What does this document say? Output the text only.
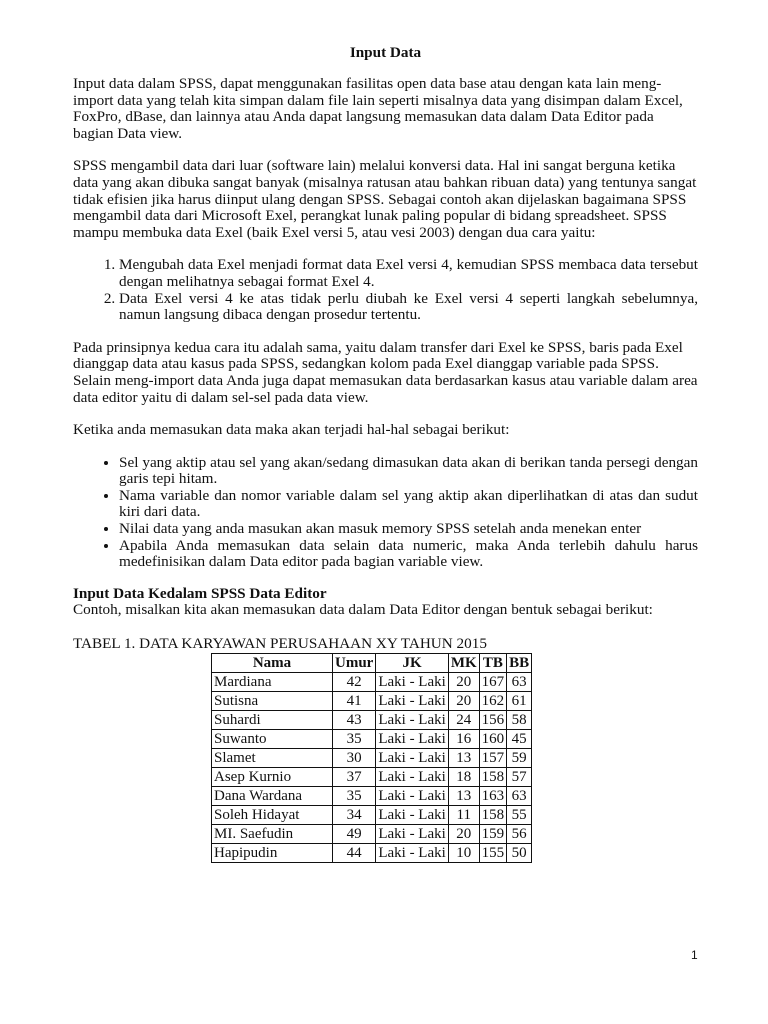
Input Data

Input data dalam SPSS, dapat menggunakan fasilitas open data base atau dengan kata lain meng-import data yang telah kita simpan dalam file lain seperti misalnya data yang disimpan dalam Excel, FoxPro, dBase, dan lainnya atau Anda dapat langsung memasukan data dalam Data Editor pada bagian Data view.

SPSS mengambil data dari luar (software lain) melalui konversi data. Hal ini sangat berguna ketika data yang akan dibuka sangat banyak (misalnya ratusan atau bahkan ribuan data) yang tentunya sangat tidak efisien jika harus diinput ulang dengan SPSS. Sebagai contoh akan dijelaskan bagaimana SPSS mengambil data dari Microsoft Exel, perangkat lunak paling popular di bidang spreadsheet. SPSS mampu membuka data Exel (baik Exel versi 5, atau vesi 2003) dengan dua cara yaitu:

1. Mengubah data Exel menjadi format data Exel versi 4, kemudian SPSS membaca data tersebut dengan melihatnya sebagai format Exel 4.
2. Data Exel versi 4 ke atas tidak perlu diubah ke Exel versi 4 seperti langkah sebelumnya, namun langsung dibaca dengan prosedur tertentu.

Pada prinsipnya kedua cara itu adalah sama, yaitu dalam transfer dari Exel ke SPSS, baris pada Exel dianggap data atau kasus pada SPSS, sedangkan kolom pada Exel dianggap variable pada SPSS. Selain meng-import data Anda juga dapat memasukan data berdasarkan kasus atau variable dalam area data editor yaitu di dalam sel-sel pada data view.

Ketika anda memasukan data maka akan terjadi hal-hal sebagai berikut:

• Sel yang aktip atau sel yang akan/sedang dimasukan data akan di berikan tanda persegi dengan garis tepi hitam.
• Nama variable dan nomor variable dalam sel yang aktip akan diperlihatkan di atas dan sudut kiri dari data.
• Nilai data yang anda masukan akan masuk memory SPSS setelah anda menekan enter
• Apabila Anda memasukan data selain data numeric, maka Anda terlebih dahulu harus medefinisikan dalam Data editor pada bagian variable view.
Input Data Kedalam SPSS Data Editor

Contoh, misalkan kita akan memasukan data dalam Data Editor dengan bentuk sebagai berikut:

TABEL 1. DATA KARYAWAN PERUSAHAAN XY TAHUN 2015

Nama	Umur	JK	MK	TB	BB
Mardiana	42	Laki - Laki	20	167	63
Sutisna	41	Laki - Laki	20	162	61
Suhardi	43	Laki - Laki	24	156	58
Suwanto	35	Laki - Laki	16	160	45
Slamet	30	Laki - Laki	13	157	59
Asep Kurnio	37	Laki - Laki	18	158	57
Dana Wardana	35	Laki - Laki	13	163	63
Soleh Hidayat	34	Laki - Laki	11	158	55
MI. Saefudin	49	Laki - Laki	20	159	56
Hapipudin	44	Laki - Laki	10	155	50
1
